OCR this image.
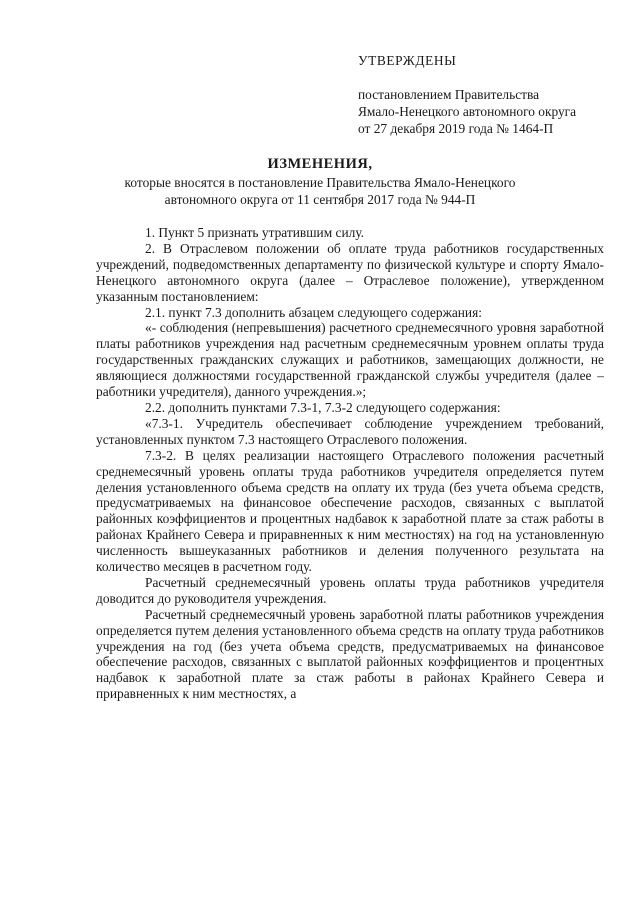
УТВЕРЖДЕНЫ
постановлением Правительства
Ямало-Ненецкого автономного округа
от 27 декабря 2019 года № 1464-П
ИЗМЕНЕНИЯ,
которые вносятся в постановление Правительства Ямало-Ненецкого
автономного округа от 11 сентября 2017 года № 944-П

1. Пункт 5 признать утратившим силу.

2. В Отраслевом положении об оплате труда работников государственных учреждений, подведомственных департаменту по физической культуре и спорту Ямало-Ненецкого автономного округа (далее – Отраслевое положение), утвержденном указанным постановлением:

2.1. пункт 7.3 дополнить абзацем следующего содержания:

«- соблюдения (непревышения) расчетного среднемесячного уровня заработной платы работников учреждения над расчетным среднемесячным уровнем оплаты труда государственных гражданских служащих и работников, замещающих должности, не являющиеся должностями государственной гражданской службы учредителя (далее – работники учредителя), данного учреждения.»;

2.2. дополнить пунктами 7.3-1, 7.3-2 следующего содержания:

«7.3-1. Учредитель обеспечивает соблюдение учреждением требований, установленных пунктом 7.3 настоящего Отраслевого положения.

7.3-2. В целях реализации настоящего Отраслевого положения расчетный среднемесячный уровень оплаты труда работников учредителя определяется путем деления установленного объема средств на оплату их труда (без учета объема средств, предусматриваемых на финансовое обеспечение расходов, связанных с выплатой районных коэффициентов и процентных надбавок к заработной плате за стаж работы в районах Крайнего Севера и приравненных к ним местностях) на год на установленную численность вышеуказанных работников и деления полученного результата на количество месяцев в расчетном году.

Расчетный среднемесячный уровень оплаты труда работников учредителя доводится до руководителя учреждения.

Расчетный среднемесячный уровень заработной платы работников учреждения определяется путем деления установленного объема средств на оплату труда работников учреждения на год (без учета объема средств, предусматриваемых на финансовое обеспечение расходов, связанных с выплатой районных коэффициентов и процентных надбавок к заработной плате за стаж работы в районах Крайнего Севера и приравненных к ним местностях, а
